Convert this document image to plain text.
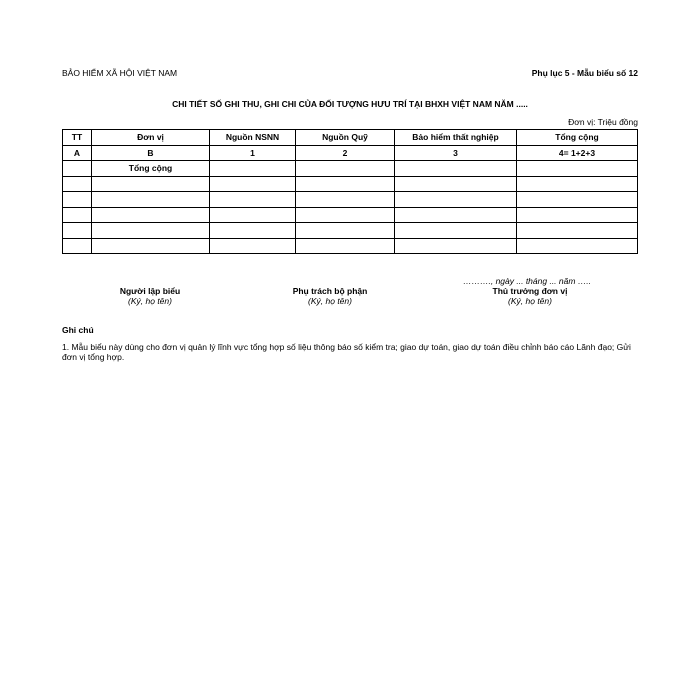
BẢO HIỂM XÃ HỘI VIỆT NAM	Phụ lục 5 - Mẫu biểu số 12
CHI TIẾT SỐ GHI THU, GHI CHI CỦA ĐỐI TƯỢNG HƯU TRÍ TẠI BHXH VIỆT NAM NĂM .....
Đơn vị: Triệu đồng
TT	Đơn vị	Nguồn NSNN	Nguồn Quỹ	Bảo hiểm thất nghiệp	Tổng cộng
A	B	1	2	3	4= 1+2+3
	Tổng cộng				

………., ngày ... tháng ... năm …..
Người lập biểu
(Ký, họ tên)
Phụ trách bộ phận
(Ký, họ tên)
Thủ trưởng đơn vị
(Ký, họ tên)
Ghi chú
1. Mẫu biểu này dùng cho đơn vị quản lý lĩnh vực tổng hợp số liệu thông báo số kiểm tra; giao dự toán, giao dự toán điều chỉnh báo cáo Lãnh đạo; Gửi đơn vị tổng hợp.
